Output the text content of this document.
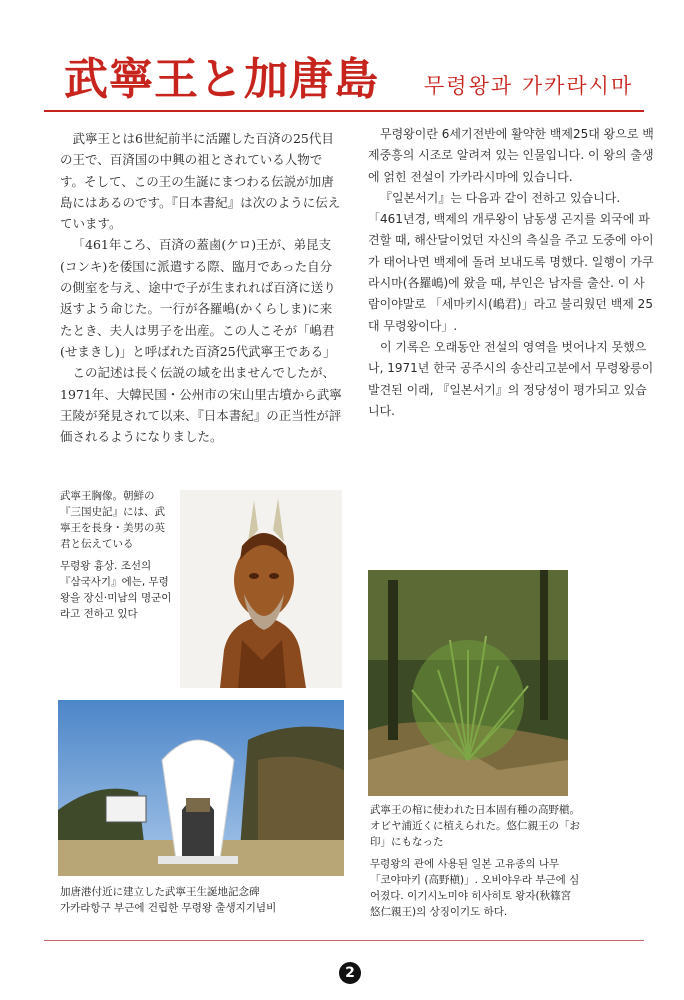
武寧王と加唐島 무령왕과 가카라시마

武寧王とは6世紀前半に活躍した百済の25代目の王で、百済国の中興の祖とされている人物です。そして、この王の生誕にまつわる伝説が加唐島にはあるのです。『日本書紀』は次のように伝えています。

「461年ころ、百済の蓋鹵(ケロ)王が、弟昆支(コンキ)を倭国に派遣する際、臨月であった自分の側室を与え、途中で子が生まれれば百済に送り返すよう命じた。一行が各羅嶋(かくらしま)に来たとき、夫人は男子を出産。この人こそが「嶋君(せまきし)」と呼ばれた百済25代武寧王である」

この記述は長く伝説の域を出ませんでしたが、1971年、大韓民国・公州市の宋山里古墳から武寧王陵が発見されて以来、『日本書紀』の正当性が評価されるようになりました。

무령왕이란 6세기전반에 활약한 백제25대 왕으로 백제중흥의 시조로 알려져 있는 인물입니다. 이 왕의 출생에 얽힌 전설이 가카라시마에 있습니다.

『일본서기』는 다음과 같이 전하고 있습니다. 「461년경, 백제의 개루왕이 남동생 곤지를 외국에 파견할 때, 해산달이었던 자신의 측실을 주고 도중에 아이가 태어나면 백제에 돌려 보내도록 명했다. 일행이 가쿠라시마(各羅嶋)에 왔을 때, 부인은 남자를 출산. 이 사람이야말로 「세마키시(嶋君)」라고 불리웠던 백제 25대 무령왕이다」.

이 기록은 오래동안 전설의 영역을 벗어나지 못했으나, 1971년 한국 공주시의 송산리고분에서 무령왕릉이 발견된 이래, 『일본서기』의 정당성이 평가되고 있습니다.

武寧王胸像。朝鮮の『三国史記』には、武寧王を長身・美男の英君と伝えている
무령왕 흉상. 조선의 『삼국사기』에는, 무령왕을 장신·미남의 명군이라고 전하고 있다
加唐港付近に建立した武寧王生誕地記念碑
가카라항구 부근에 건립한 무령왕 출생지기념비
武寧王の棺に使われた日本固有種の高野槇。オビヤ浦近くに植えられた。悠仁親王の「お印」にもなった
무령왕의 관에 사용된 일본 고유종의 나무 「코야마키 (高野槇)」. 오비야우라 부근에 심어졌다. 이기시노미야 히사히토 왕자(秋篠宮悠仁親王)의 상징이기도 하다.
2
